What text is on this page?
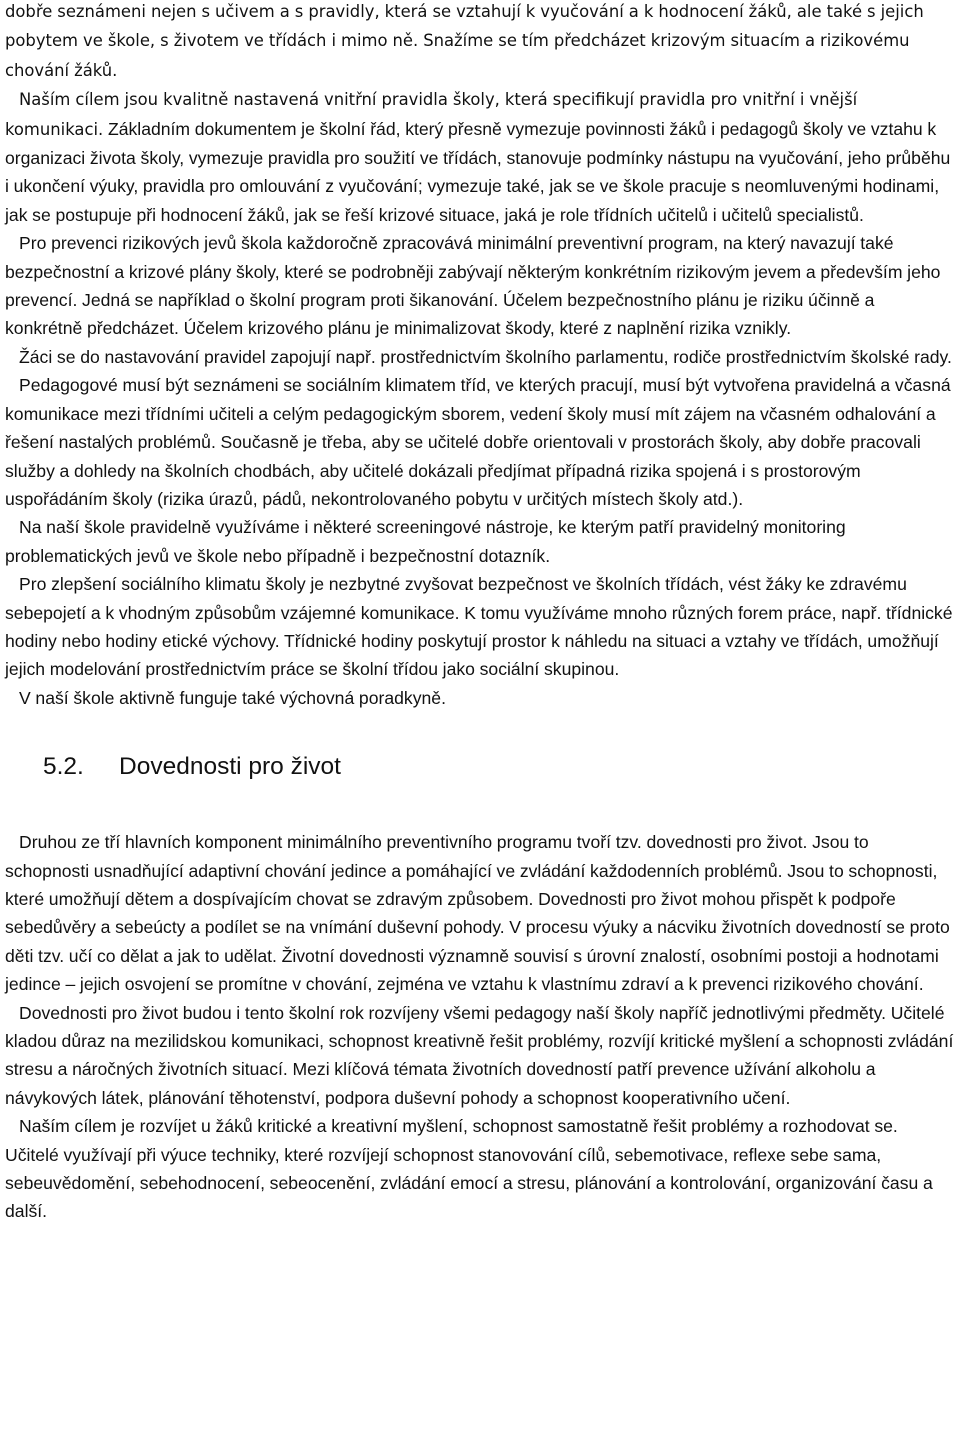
dobře seznámeni nejen s učivem a s pravidly, která se vztahují k vyučování a k hodnocení žáků, ale také s jejich pobytem ve škole, s životem ve třídách i mimo ně. Snažíme se tím předcházet krizovým situacím a rizikovému chování žáků.

Naším cílem jsou kvalitně nastavená vnitřní pravidla školy, která specifikují pravidla pro vnitřní i vnější komunikaci. Základním dokumentem je školní řád, který přesně vymezuje povinnosti žáků i pedagogů školy ve vztahu k organizaci života školy, vymezuje pravidla pro soužití ve třídách, stanovuje podmínky nástupu na vyučování, jeho průběhu i ukončení výuky, pravidla pro omlouvání z vyučování; vymezuje také, jak se ve škole pracuje s neomluvenými hodinami, jak se postupuje při hodnocení žáků, jak se řeší krizové situace, jaká je role třídních učitelů i učitelů specialistů.

Pro prevenci rizikových jevů škola každoročně zpracovává minimální preventivní program, na který navazují také bezpečnostní a krizové plány školy, které se podrobněji zabývají některým konkrétním rizikovým jevem a především jeho prevencí. Jedná se například o školní program proti šikanování. Účelem bezpečnostního plánu je riziku účinně a konkrétně předcházet. Účelem krizového plánu je minimalizovat škody, které z naplnění rizika vznikly.

Žáci se do nastavování pravidel zapojují např. prostřednictvím školního parlamentu, rodiče prostřednictvím školské rady.

Pedagogové musí být seznámeni se sociálním klimatem tříd, ve kterých pracují, musí být vytvořena pravidelná a včasná komunikace mezi třídními učiteli a celým pedagogickým sborem, vedení školy musí mít zájem na včasném odhalování a řešení nastalých problémů. Současně je třeba, aby se učitelé dobře orientovali v prostorách školy, aby dobře pracovali služby a dohledy na školních chodbách, aby učitelé dokázali předjímat případná rizika spojená i s prostorovým uspořádáním školy (rizika úrazů, pádů, nekontrolovaného pobytu v určitých místech školy atd.).

Na naší škole pravidelně využíváme i některé screeningové nástroje, ke kterým patří pravidelný monitoring problematických jevů ve škole nebo případně i bezpečnostní dotazník.

Pro zlepšení sociálního klimatu školy je nezbytné zvyšovat bezpečnost ve školních třídách, vést žáky ke zdravému sebepojetí a k vhodným způsobům vzájemné komunikace. K tomu využíváme mnoho různých forem práce, např. třídnické hodiny nebo hodiny etické výchovy. Třídnické hodiny poskytují prostor k náhledu na situaci a vztahy ve třídách, umožňují jejich modelování prostřednictvím práce se školní třídou jako sociální skupinou.

V naší škole aktivně funguje také výchovná poradkyně.

5.2.	Dovednosti pro život

Druhou ze tří hlavních komponent minimálního preventivního programu tvoří tzv. dovednosti pro život. Jsou to schopnosti usnadňující adaptivní chování jedince a pomáhající ve zvládání každodenních problémů. Jsou to schopnosti, které umožňují dětem a dospívajícím chovat se zdravým způsobem. Dovednosti pro život mohou přispět k podpoře sebedůvěry a sebeúcty a podílet se na vnímání duševní pohody. V procesu výuky a nácviku životních dovedností se proto děti tzv. učí co dělat a jak to udělat. Životní dovednosti významně souvisí s úrovní znalostí, osobními postoji a hodnotami jedince – jejich osvojení se promítne v chování, zejména ve vztahu k vlastnímu zdraví a k prevenci rizikového chování.

Dovednosti pro život budou i tento školní rok rozvíjeny všemi pedagogy naší školy napříč jednotlivými předměty. Učitelé kladou důraz na mezilidskou komunikaci, schopnost kreativně řešit problémy, rozvíjí kritické myšlení a schopnosti zvládání stresu a náročných životních situací. Mezi klíčová témata životních dovedností patří prevence užívání alkoholu a návykových látek, plánování těhotenství, podpora duševní pohody a schopnost kooperativního učení.

Naším cílem je rozvíjet u žáků kritické a kreativní myšlení, schopnost samostatně řešit problémy a rozhodovat se. Učitelé využívají při výuce techniky, které rozvíjejí schopnost stanovování cílů, sebemotivace, reflexe sebe sama, sebeuvědomění, sebehodnocení, sebeocenění, zvládání emocí a stresu, plánování a kontrolování, organizování času a další.
